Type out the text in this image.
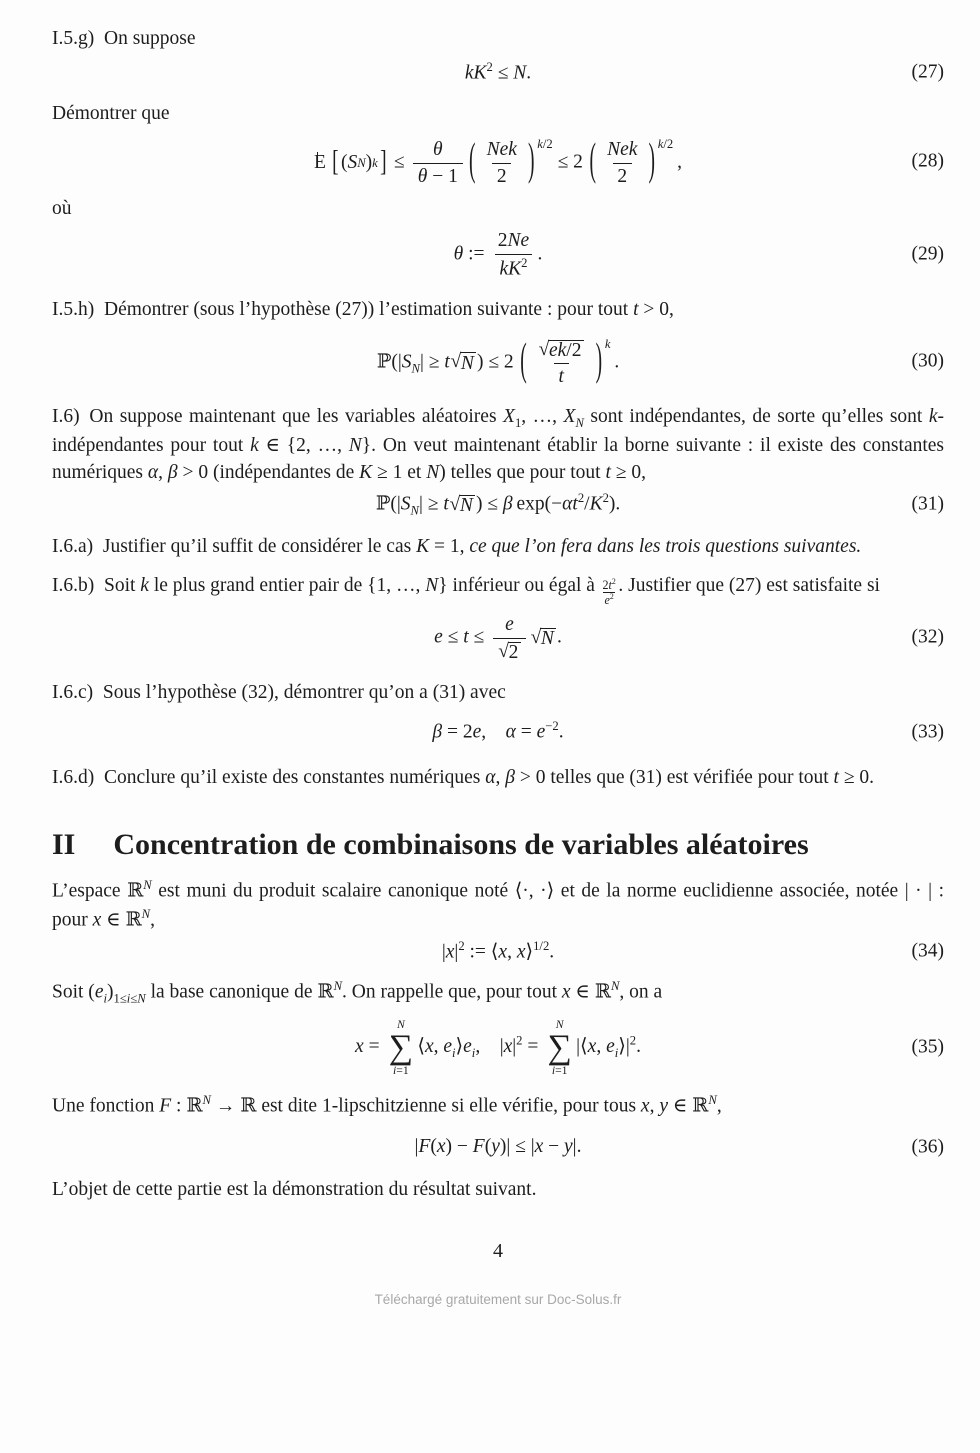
I.5.g) On suppose

$kK^2 \le N$.	(27)

Démontrer que

E  [ ( S N ) k ] ≤ $\frac{\theta}{\theta - 1}$ ( Nek
2 ) $^{k/2}$ ≤ 2  ( Nek
2 ) $^{k/2}$ ,	(28)

où

θ := $\frac{2Ne}{kK^2}$ .	(29)

I.5.h) Démontrer (sous l’hypothèse (27)) l’estimation suivante : pour tout t > 0,

$ℙ(|S_N| \ge t$ √ N ) ≤ 2  ( √ ek/2
t ) $^k$ .	(30)

I.6) On suppose maintenant que les variables aléatoires $X_1$, …, $X_N$ sont indépendantes, de sorte qu’elles sont k-indépendantes pour tout k ∈ {2, …, N}. On veut maintenant établir la borne suivante : il existe des constantes numériques α, β > 0 (indépendantes de K ≥ 1 et N) telles que pour tout t ≥ 0,

$ℙ(|S_N| \ge t$ √ N ) ≤ β $\exp(-\alpha t^2/K^2)$.	(31)

I.6.a) Justifier qu’il suffit de considérer le cas K = 1, ce que l’on fera dans les trois questions suivantes.

I.6.b) Soit k le plus grand entier pair de {1, …, N} inférieur ou égal à $\frac{2t^2}{e^2}$ . Justifier que (27) est satisfaite si

$e \le t \le \frac{e}{√ 2}$ √ N .	(32)

I.6.c) Sous l’hypothèse (32), démontrer qu’on a (31) avec

β = 2e,  $\alpha = e^{-2}$.	(33)

I.6.d) Conclure qu’il existe des constantes numériques α, β > 0 telles que (31) est vérifiée pour tout t ≥ 0.

II Concentration de combinaisons de variables aléatoires

L’espace ℝ$^N$ est muni du produit scalaire canonique noté ⟨·, ·⟩ et de la norme euclidienne associée, notée | · | : pour x ∈ ℝ$^N$,

$|x|^2$ := ⟨x, x⟩$^{1/2}$.	(34)

Soit $(e_i)_{1\le i\le N}$ la base canonique de ℝ$^N$. On rappelle que, pour tout x ∈ ℝ$^N$, on a

x =
N
∑
i=1
⟨x, $e_i⟩e_i$,  $|x|^2$ =
N
∑
i=1
|⟨x, $e_i⟩|^2$.	(35)

Une fonction F : ℝ$^N$ → ℝ est dite 1-lipschitzienne si elle vérifie, pour tous x, y ∈ ℝ$^N$,

|F(x) − F(y)| ≤ |x − y|.	(36)

L’objet de cette partie est la démonstration du résultat suivant.

4
Téléchargé gratuitement sur Doc-Solus.fr
